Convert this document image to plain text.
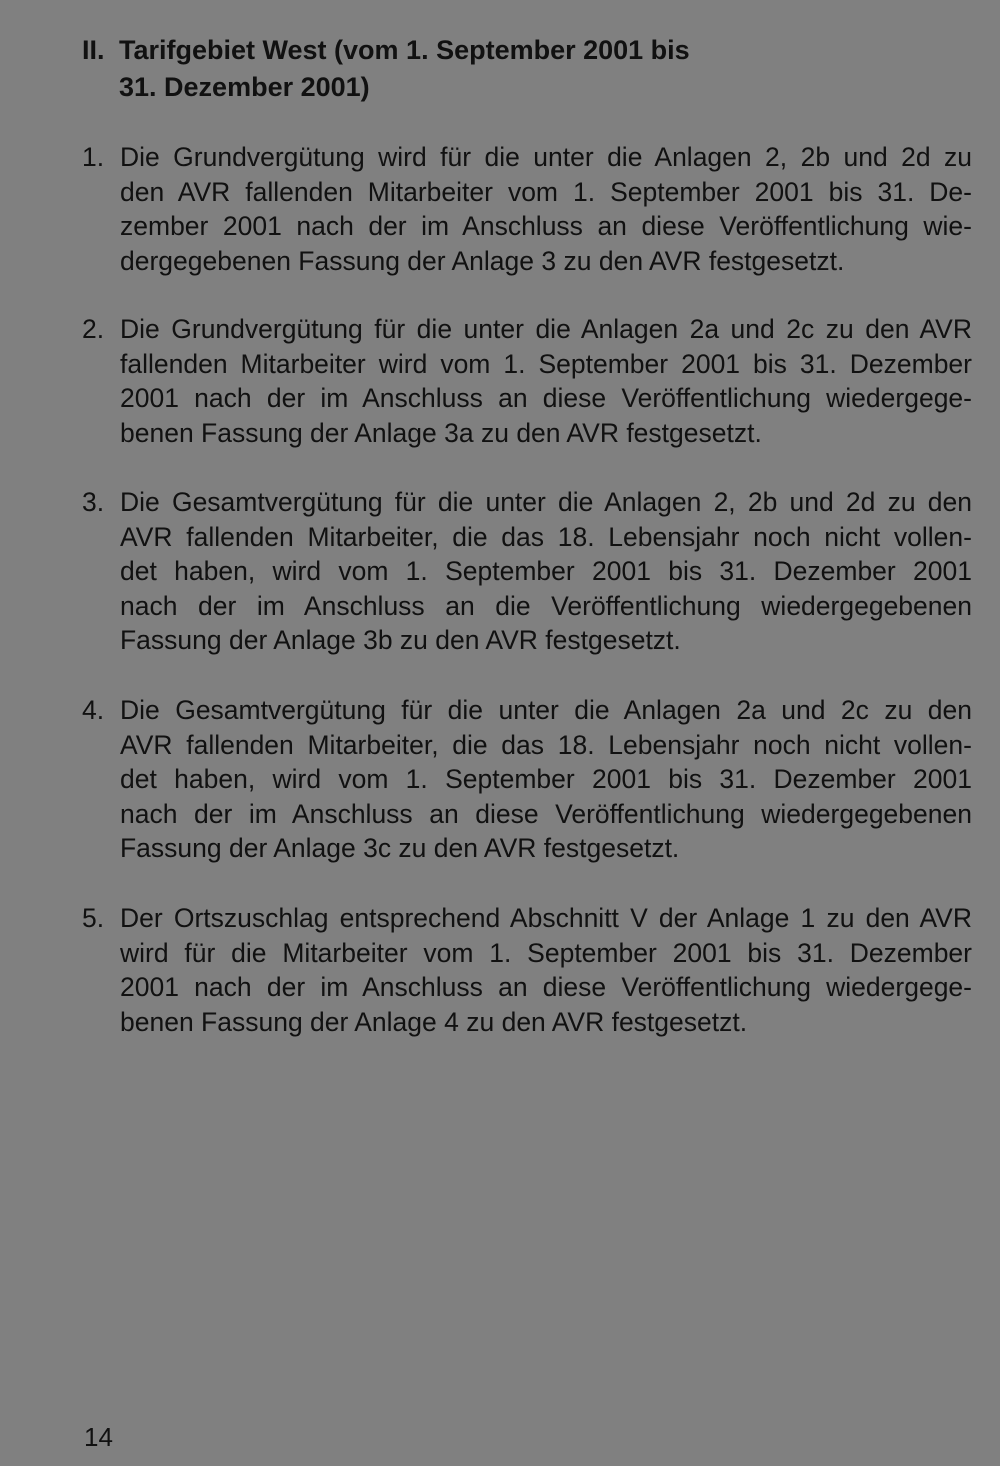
II. Tarifgebiet West (vom 1. September 2001 bis
31. Dezember 2001)
1. Die Grundvergütung wird für die unter die Anlagen 2, 2b und 2d zu
den AVR fallenden Mitarbeiter vom 1. September 2001 bis 31. De-
zember 2001 nach der im Anschluss an diese Veröffentlichung wie-
dergegebenen Fassung der Anlage 3 zu den AVR festgesetzt.
2. Die Grundvergütung für die unter die Anlagen 2a und 2c zu den AVR
fallenden Mitarbeiter wird vom 1. September 2001 bis 31. Dezember
2001 nach der im Anschluss an diese Veröffentlichung wiedergege-
benen Fassung der Anlage 3a zu den AVR festgesetzt.
3. Die Gesamtvergütung für die unter die Anlagen 2, 2b und 2d zu den
AVR fallenden Mitarbeiter, die das 18. Lebensjahr noch nicht vollen-
det haben, wird vom 1. September 2001 bis 31. Dezember 2001
nach der im Anschluss an die Veröffentlichung wiedergegebenen
Fassung der Anlage 3b zu den AVR festgesetzt.
4. Die Gesamtvergütung für die unter die Anlagen 2a und 2c zu den
AVR fallenden Mitarbeiter, die das 18. Lebensjahr noch nicht vollen-
det haben, wird vom 1. September 2001 bis 31. Dezember 2001
nach der im Anschluss an diese Veröffentlichung wiedergegebenen
Fassung der Anlage 3c zu den AVR festgesetzt.
5. Der Ortszuschlag entsprechend Abschnitt V der Anlage 1 zu den AVR
wird für die Mitarbeiter vom 1. September 2001 bis 31. Dezember
2001 nach der im Anschluss an diese Veröffentlichung wiedergege-
benen Fassung der Anlage 4 zu den AVR festgesetzt.
14
